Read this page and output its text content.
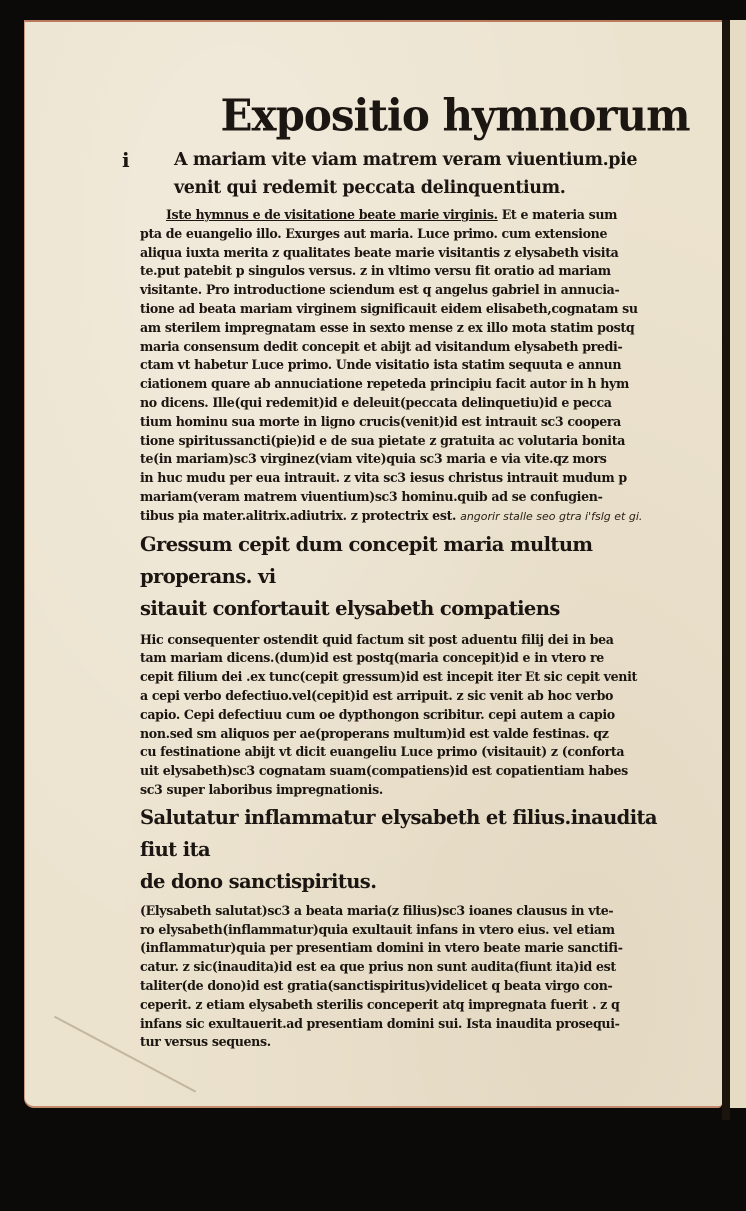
Expositio hymnorum
i	A mariam vite viam matrem veram viuentium.pie

venit qui redemit peccata delinquentium.

Iste hymnus e de visitatione beate marie virginis. Et e materia sum
pta de euangelio illo. Exurges aut maria. Luce primo. cum extensione
aliqua iuxta merita z qualitates beate marie visitantis z elysabeth visita
te.put patebit p singulos versus. z in vltimo versu fit oratio ad mariam
visitante. Pro introductione sciendum est q angelus gabriel in annucia-
tione ad beata mariam virginem significauit eidem elisabeth,cognatam su
am sterilem impregnatam esse in sexto mense z ex illo mota statim postq
maria consensum dedit concepit et abijt ad visitandum elysabeth predi-
ctam vt habetur Luce primo. Unde visitatio ista statim sequuta e annun
ciationem quare ab annuciatione repeteda principiu facit autor in h hym
no dicens. Ille(qui redemit)id e deleuit(peccata delinquetiu)id e pecca
tium hominu sua morte in ligno crucis(venit)id est intrauit sc3 coopera
tione spiritussancti(pie)id e de sua pietate z gratuita ac volutaria bonita
te(in mariam)sc3 virginez(viam vite)quia sc3 maria e via vite.qz mors
in huc mudu per eua intrauit. z vita sc3 iesus christus intrauit mudum p
mariam(veram matrem viuentium)sc3 hominu.quib ad se confugien-
tibus pia mater.alitrix.adiutrix. z protectrix est. angorir stalle seo gtra i'fslg et gi.

Gressum cepit dum concepit maria multum properans. vi

sitauit confortauit elysabeth compatiens

Hic consequenter ostendit quid factum sit post aduentu filij dei in bea
tam mariam dicens.(dum)id est postq(maria concepit)id e in vtero re
cepit filium dei .ex tunc(cepit gressum)id est incepit iter Et sic cepit venit
a cepi verbo defectiuo.vel(cepit)id est arripuit. z sic venit ab hoc verbo
capio. Cepi defectiuu cum oe dypthongon scribitur. cepi autem a capio
non.sed sm aliquos per ae(properans multum)id est valde festinas. qz
cu festinatione abijt vt dicit euangeliu Luce primo (visitauit) z (conforta
uit elysabeth)sc3 cognatam suam(compatiens)id est copatientiam habes
sc3 super laboribus impregnationis.

Salutatur inflammatur elysabeth et filius.inaudita fiut ita

de dono sanctispiritus.

(Elysabeth salutat)sc3 a beata maria(z filius)sc3 ioanes clausus in vte-
ro elysabeth(inflammatur)quia exultauit infans in vtero eius. vel etiam
(inflammatur)quia per presentiam domini in vtero beate marie sanctifi-
catur. z sic(inaudita)id est ea que prius non sunt audita(fiunt ita)id est
taliter(de dono)id est gratia(sanctispiritus)videlicet q beata virgo con-
ceperit. z etiam elysabeth sterilis conceperit atq impregnata fuerit . z q
infans sic exultauerit.ad presentiam domini sui. Ista inaudita prosequi-
tur versus sequens.
